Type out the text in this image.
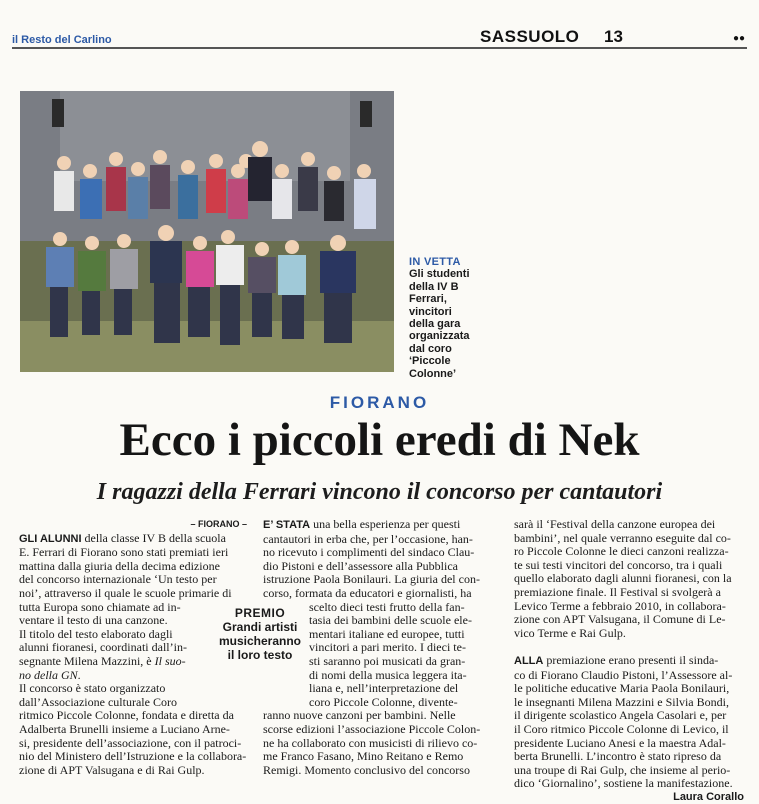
il Resto del Carlino	SASSUOLO 13	●●
IN VETTA
Gli studenti
della IV B
Ferrari,
vincitori
della gara
organizzata
dal coro
‘Piccole
Colonne’
FIORANO
Ecco i piccoli eredi di Nek
I ragazzi della Ferrari vincono il concorso per cantautori
– FIORANO –
GLI ALUNNI della classe IV B della scuola
E. Ferrari di Fiorano sono stati premiati ieri
mattina dalla giuria della decima edizione
del concorso internazionale ‘Un testo per
noi’, attraverso il quale le scuole primarie di
tutta Europa sono chiamate ad in-
ventare il testo di una canzone.
Il titolo del testo elaborato dagli
alunni fioranesi, coordinati dall’in-
segnante Milena Mazzini, è Il suo-
no della GN.
Il concorso è stato organizzato
dall’Associazione culturale Coro
ritmico Piccole Colonne, fondata e diretta da
Adalberta Brunelli insieme a Luciano Arne-
si, presidente dell’associazione, con il patroci-
nio del Ministero dell’Istruzione e la collabora-
zione di APT Valsugana e di Rai Gulp.
E’ STATA una bella esperienza per questi
cantautori in erba che, per l’occasione, han-
no ricevuto i complimenti del sindaco Clau-
dio Pistoni e dell’assessore alla Pubblica
istruzione Paola Bonilauri. La giuria del con-
corso, formata da educatori e giornalisti, ha
scelto dieci testi frutto della fan-
tasia dei bambini delle scuole ele-
mentari italiane ed europee, tutti
vincitori a pari merito. I dieci te-
sti saranno poi musicati da gran-
di nomi della musica leggera ita-
liana e, nell’interpretazione del
coro Piccole Colonne, divente-
ranno nuove canzoni per bambini. Nelle
scorse edizioni l’associazione Piccole Colon-
ne ha collaborato con musicisti di rilievo co-
me Franco Fasano, Mino Reitano e Remo
Remigi. Momento conclusivo del concorso
sarà il ‘Festival della canzone europea dei
bambini’, nel quale verranno eseguite dal co-
ro Piccole Colonne le dieci canzoni realizza-
te sui testi vincitori del concorso, tra i quali
quello elaborato dagli alunni fioranesi, con la
premiazione finale. Il Festival si svolgerà a
Levico Terme a febbraio 2010, in collabora-
zione con APT Valsugana, il Comune di Le-
vico Terme e Rai Gulp.

ALLA premiazione erano presenti il sinda-
co di Fiorano Claudio Pistoni, l’Assessore al-
le politiche educative Maria Paola Bonilauri,
le insegnanti Milena Mazzini e Silvia Bondi,
il dirigente scolastico Angela Casolari e, per
il Coro ritmico Piccole Colonne di Levico, il
presidente Luciano Anesi e la maestra Adal-
berta Brunelli. L’incontro è stato ripreso da
una troupe di Rai Gulp, che insieme al perio-
dico ‘Giornalino’, sostiene la manifestazione.
Laura Corallo
PREMIO
Grandi artisti
musicheranno
il loro testo
